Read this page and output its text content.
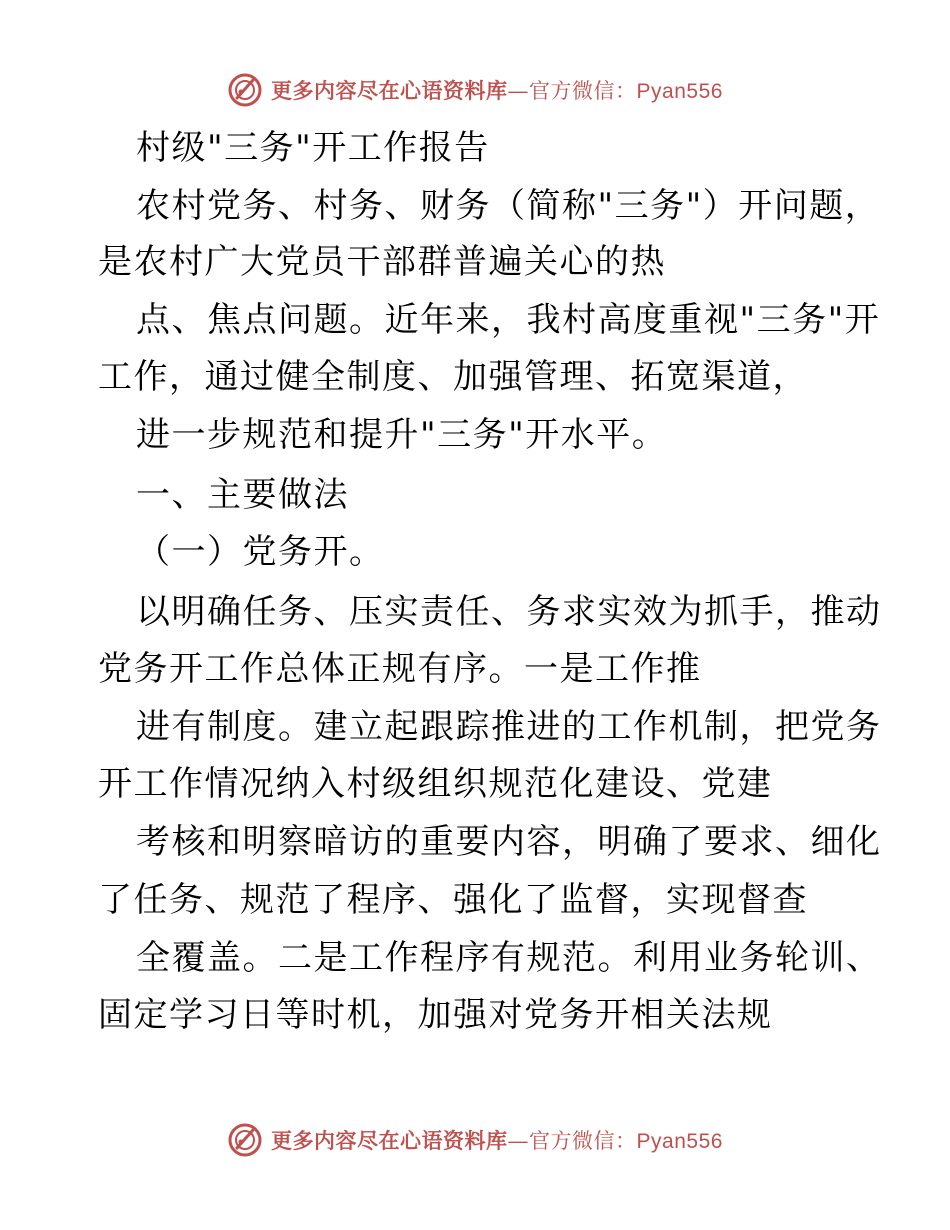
更多内容尽在心语资料库—官方微信：Pyan556
村级"三务"开工作报告
农村党务、村务、财务（简称"三务"）开问题，
是农村广大党员干部群普遍关心的热
点、焦点问题。近年来，我村高度重视"三务"开
工作，通过健全制度、加强管理、拓宽渠道，
进一步规范和提升"三务"开水平。
一、主要做法
（一）党务开。
以明确任务、压实责任、务求实效为抓手，推动
党务开工作总体正规有序。一是工作推
进有制度。建立起跟踪推进的工作机制，把党务
开工作情况纳入村级组织规范化建设、党建
考核和明察暗访的重要内容，明确了要求、细化
了任务、规范了程序、强化了监督，实现督查
全覆盖。二是工作程序有规范。利用业务轮训、
固定学习日等时机，加强对党务开相关法规
更多内容尽在心语资料库—官方微信：Pyan556
